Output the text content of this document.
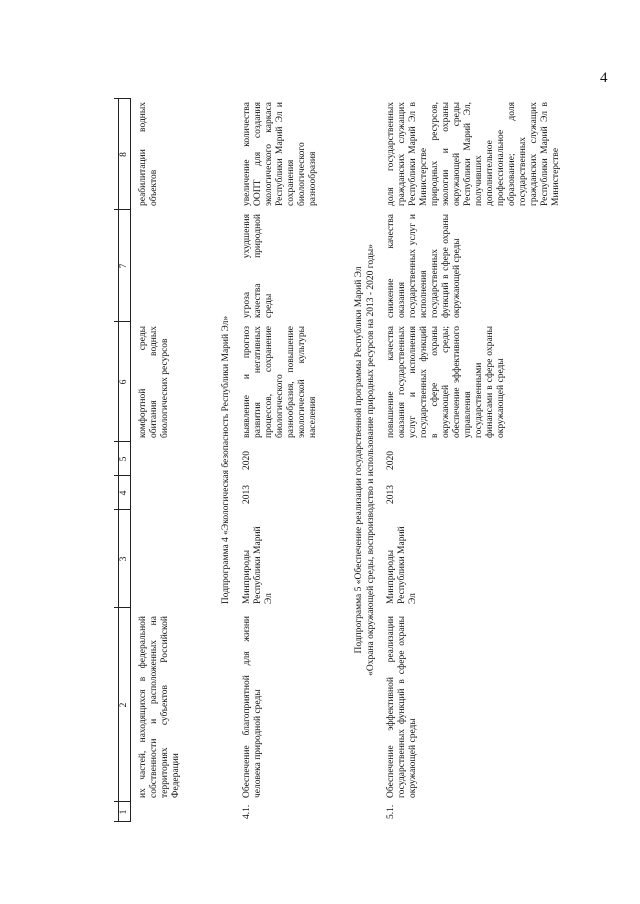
4
1
2
3
4
5
6
7
8
их частей, находящихся в федеральной собственности и расположенных на территориях субъектов Российской Федерации
комфортной среды обитания водных биологических ресурсов
реабилитации водных объектов
Подпрограмма 4 «Экологическая безопасность Республики Марий Эл»
4.1.
Обеспечение благоприятной для жизни человека природной среды
Минприроды Республики Марий Эл
2013
2020
выявление и прогноз развития негативных процессов, сохранение биологического разнообразия, повышение экологической культуры населения
угроза ухудшения качества природной среды
увеличение количества ООПТ для создания экологического каркаса Республики Марий Эл и сохранения биологического разнообразия
Подпрограмма 5 «Обеспечение реализации государственной программы Республики Марий Эл «Охрана окружающей среды, воспроизводство и использование природных ресурсов на 2013 - 2020 годы»
5.1.
Обеспечение эффективной реализации государственных функций в сфере охраны окружающей среды
Минприроды Республики Марий Эл
2013
2020
повышение качества оказания государственных услуг и исполнения государственных функций в сфере охраны окружающей среды; обеспечение эффективного управления государственными финансами в сфере охраны окружающей среды
снижение качества оказания государственных услуг и исполнения государственных функций в сфере охраны окружающей среды
доля государственных гражданских служащих Республики Марий Эл в Министерстве природных ресурсов, экологии и охраны окружающей среды Республики Марий Эл, получивших дополнительное профессиональное образование; доля государственных гражданских служащих Республики Марий Эл в Министерстве
